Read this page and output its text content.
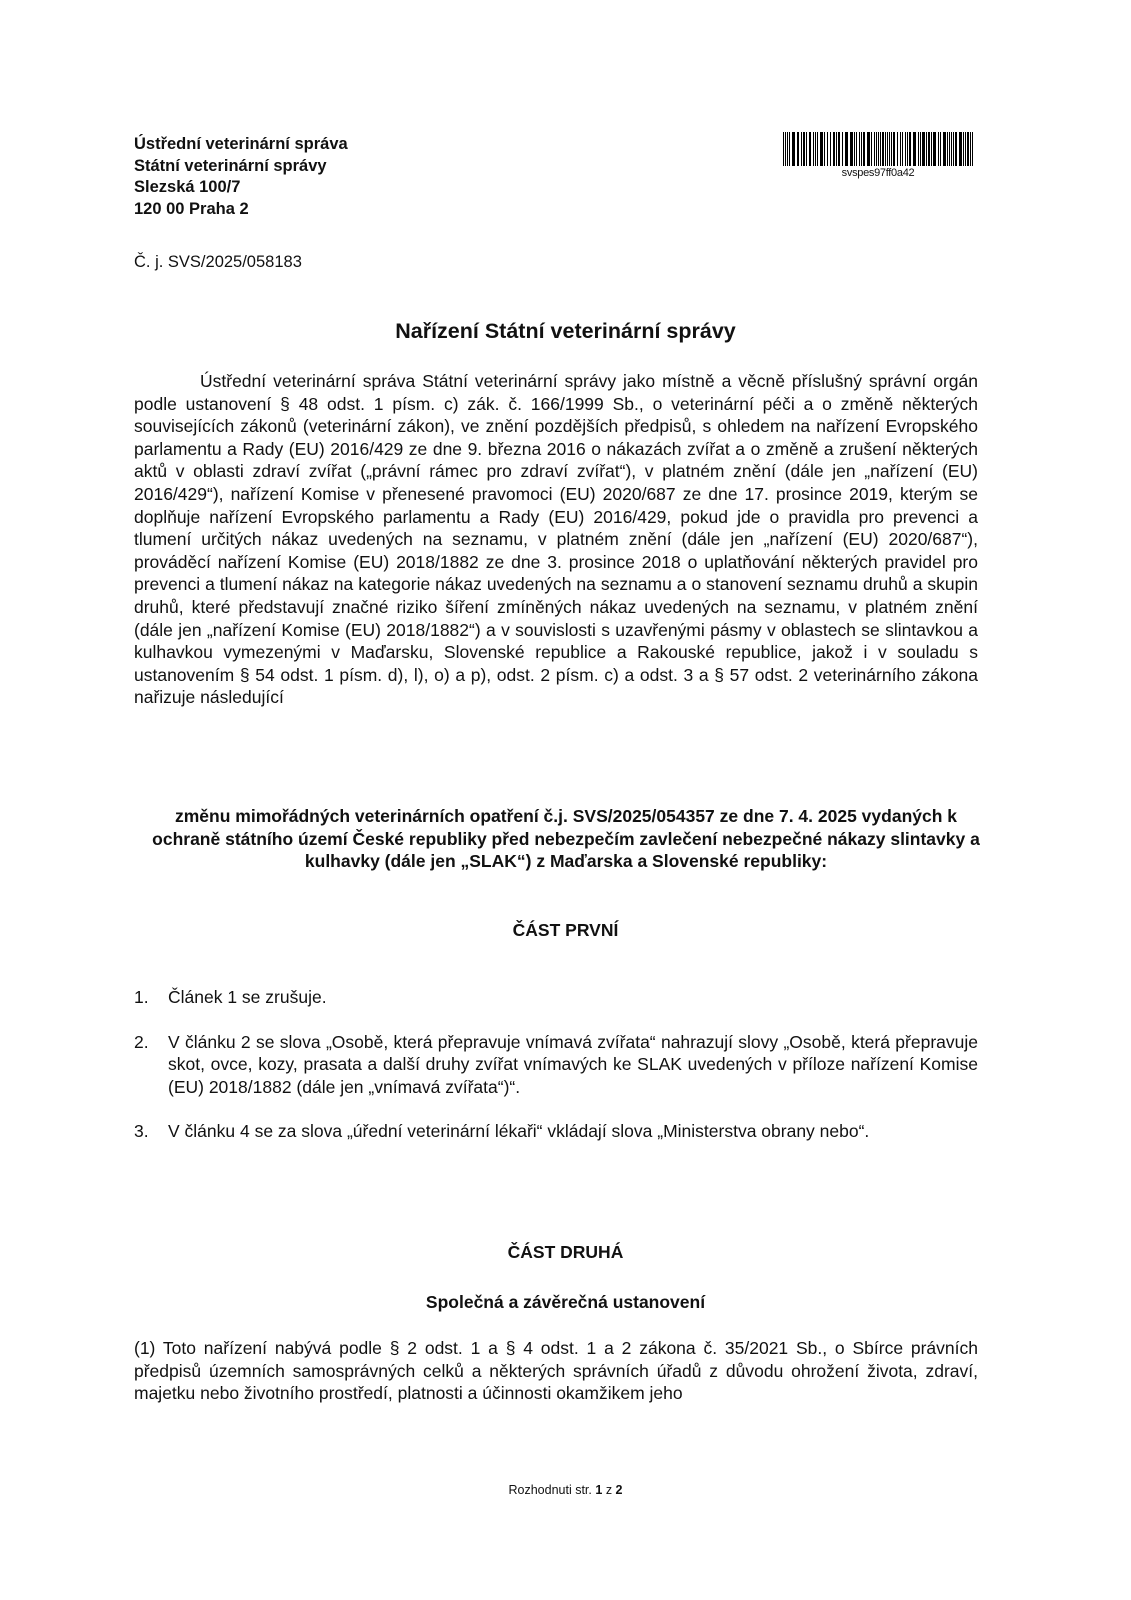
Ústřední veterinární správa
Státní veterinární správy
Slezská 100/7
120 00 Praha 2
svspes97ff0a42
Č. j. SVS/2025/058183
Nařízení Státní veterinární správy
Ústřední veterinární správa Státní veterinární správy jako místně a věcně příslušný správní orgán podle ustanovení § 48 odst. 1 písm. c) zák. č. 166/1999 Sb., o veterinární péči a o změně některých souvisejících zákonů (veterinární zákon), ve znění pozdějších předpisů, s ohledem na nařízení Evropského parlamentu a Rady (EU) 2016/429 ze dne 9. března 2016 o nákazách zvířat a o změně a zrušení některých aktů v oblasti zdraví zvířat („právní rámec pro zdraví zvířat“), v platném znění (dále jen „nařízení (EU) 2016/429“), nařízení Komise v přenesené pravomoci (EU) 2020/687 ze dne 17. prosince 2019, kterým se doplňuje nařízení Evropského parlamentu a Rady (EU) 2016/429, pokud jde o pravidla pro prevenci a tlumení určitých nákaz uvedených na seznamu, v platném znění (dále jen „nařízení (EU) 2020/687“), prováděcí nařízení Komise (EU) 2018/1882 ze dne 3. prosince 2018 o uplatňování některých pravidel pro prevenci a tlumení nákaz na kategorie nákaz uvedených na seznamu a o stanovení seznamu druhů a skupin druhů, které představují značné riziko šíření zmíněných nákaz uvedených na seznamu, v platném znění (dále jen „nařízení Komise (EU) 2018/1882“) a v souvislosti s uzavřenými pásmy v oblastech se slintavkou a kulhavkou vymezenými v Maďarsku, Slovenské republice a Rakouské republice, jakož i v souladu s ustanovením § 54 odst. 1 písm. d), l), o) a p), odst. 2 písm. c) a odst. 3 a § 57 odst. 2 veterinárního zákona nařizuje následující
změnu mimořádných veterinárních opatření č.j. SVS/2025/054357 ze dne 7. 4. 2025 vydaných k ochraně státního území České republiky před nebezpečím zavlečení nebezpečné nákazy slintavky a kulhavky (dále jen „SLAK“) z Maďarska a Slovenské republiky:
ČÁST PRVNÍ
1.	Článek 1 se zrušuje.
2.	V článku 2 se slova „Osobě, která přepravuje vnímavá zvířata“ nahrazují slovy „Osobě, která přepravuje skot, ovce, kozy, prasata a další druhy zvířat vnímavých ke SLAK uvedených v příloze nařízení Komise (EU) 2018/1882 (dále jen „vnímavá zvířata“)“.
3.	V článku 4 se za slova „úřední veterinární lékaři“ vkládají slova „Ministerstva obrany nebo“.
ČÁST DRUHÁ
Společná a závěrečná ustanovení
(1) Toto nařízení nabývá podle § 2 odst. 1 a § 4 odst. 1 a 2 zákona č. 35/2021 Sb., o Sbírce právních předpisů územních samosprávných celků a některých správních úřadů z důvodu ohrožení života, zdraví, majetku nebo životního prostředí, platnosti a účinnosti okamžikem jeho
Rozhodnuti str. 1 z 2
